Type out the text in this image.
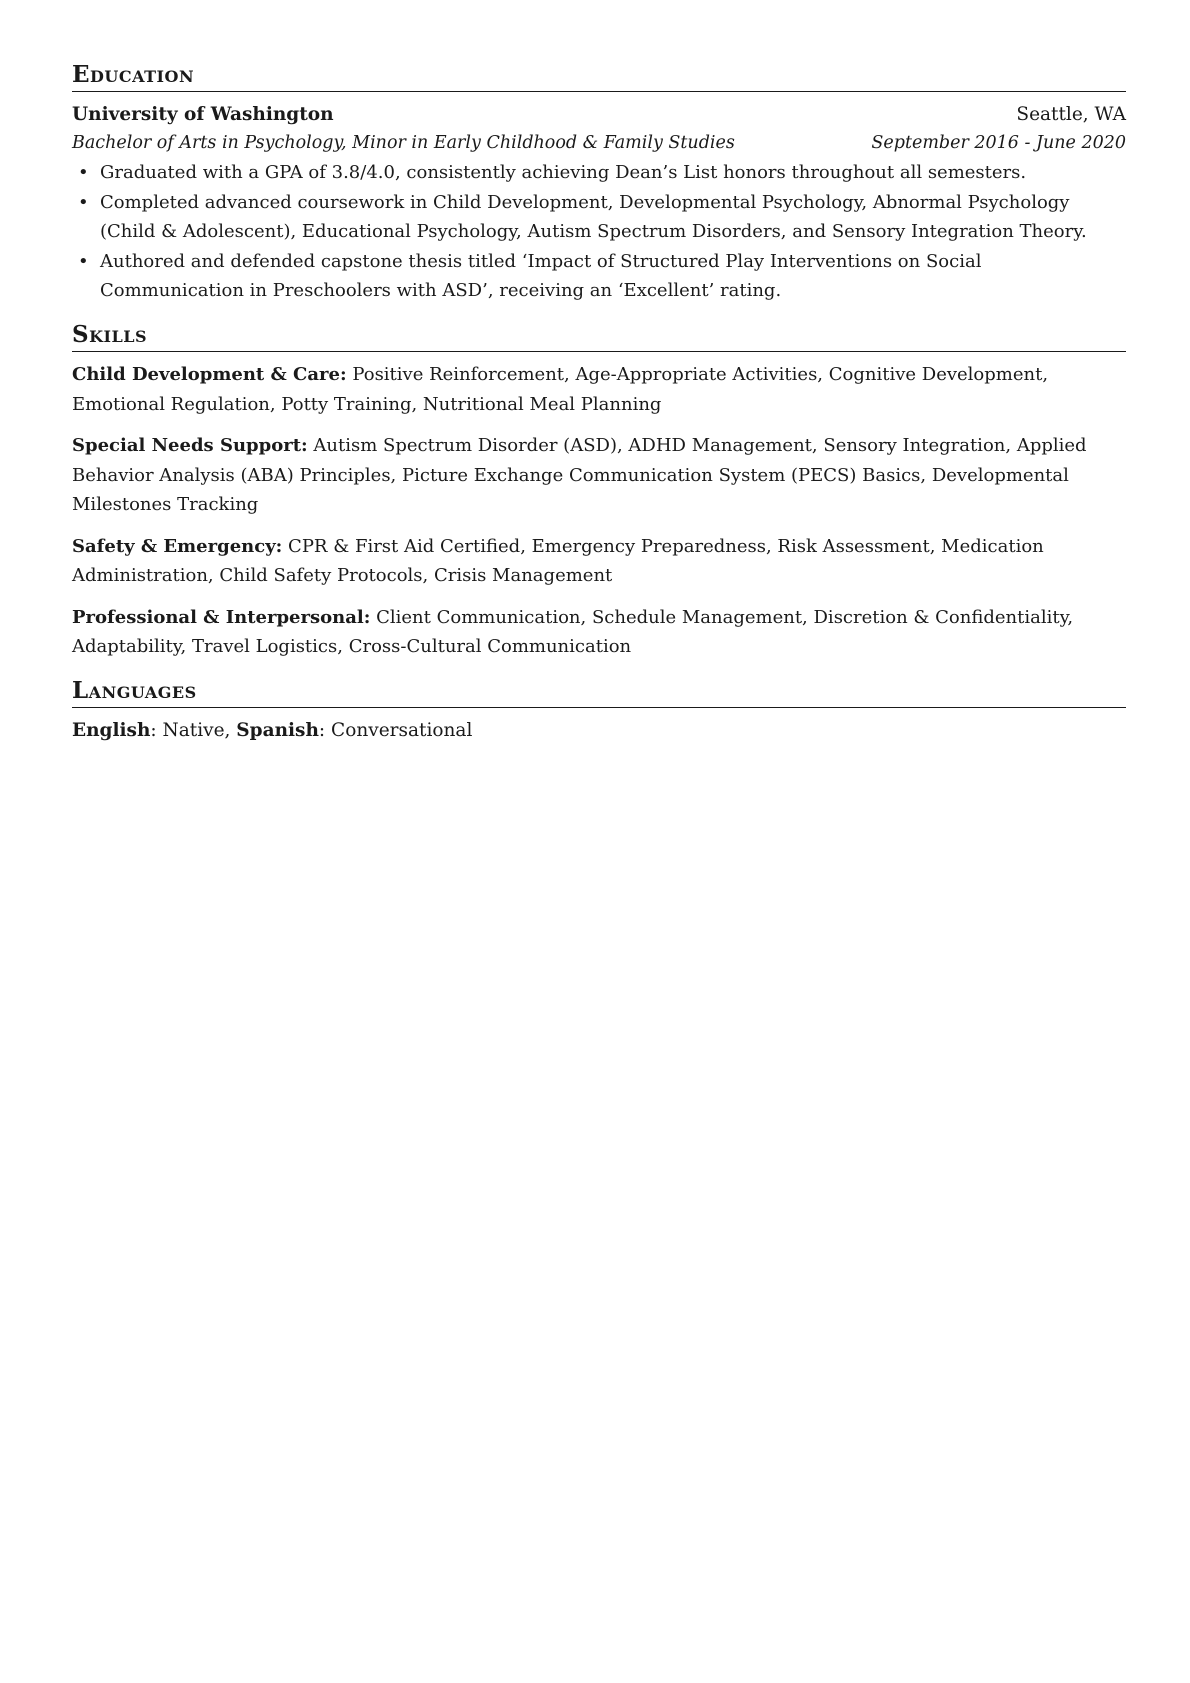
Education
University of Washington	Seattle, WA
Bachelor of Arts in Psychology, Minor in Early Childhood & Family Studies	September 2016 - June 2020
• Graduated with a GPA of 3.8/4.0, consistently achieving Dean’s List honors throughout all semesters.
• Completed advanced coursework in Child Development, Developmental Psychology, Abnormal Psychology (Child & Adolescent), Educational Psychology, Autism Spectrum Disorders, and Sensory Integration Theory.
• Authored and defended capstone thesis titled ‘Impact of Structured Play Interventions on Social Communication in Preschoolers with ASD’, receiving an ‘Excellent’ rating.
Skills
Child Development & Care: Positive Reinforcement, Age-Appropriate Activities, Cognitive Development, Emotional Regulation, Potty Training, Nutritional Meal Planning
Special Needs Support: Autism Spectrum Disorder (ASD), ADHD Management, Sensory Integration, Applied Behavior Analysis (ABA) Principles, Picture Exchange Communication System (PECS) Basics, Developmental Milestones Tracking
Safety & Emergency: CPR & First Aid Certified, Emergency Preparedness, Risk Assessment, Medication Administration, Child Safety Protocols, Crisis Management
Professional & Interpersonal: Client Communication, Schedule Management, Discretion & Confidentiality, Adaptability, Travel Logistics, Cross-Cultural Communication
Languages
English: Native, Spanish: Conversational
